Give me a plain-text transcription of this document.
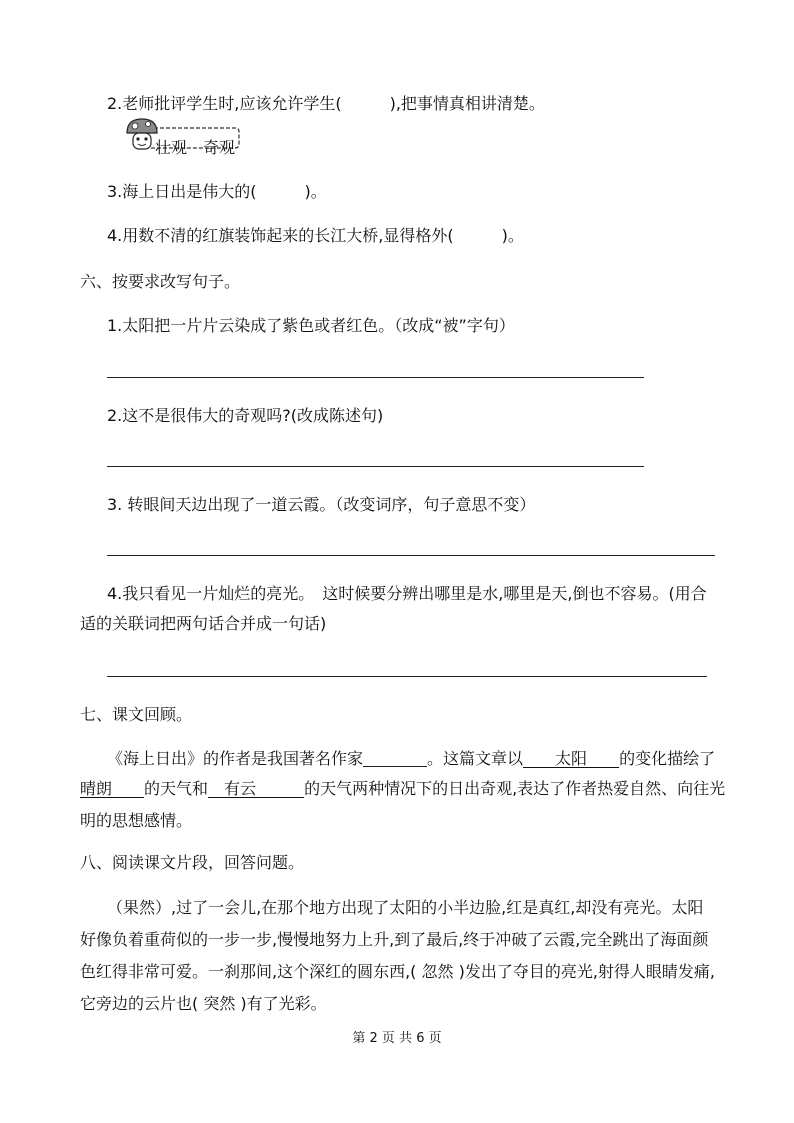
2.老师批评学生时,应该允许学生(　　　),把事情真相讲清楚。
壮观　奇观
3.海上日出是伟大的(　　　)。
4.用数不清的红旗装饰起来的长江大桥,显得格外(　　　)。
六、按要求改写句子。
1.太阳把一片片云染成了紫色或者红色。（改成“被”字句）
2.这不是很伟大的奇观吗?(改成陈述句)
3. 转眼间天边出现了一道云霞。（改变词序，句子意思不变）
4.我只看见一片灿烂的亮光。　这时候要分辨出哪里是水,哪里是天,倒也不容易。(用合
适的关联词把两句话合并成一句话)
七、课文回顾。
《海上日出》的作者是我国著名作家	。这篇文章以　　 太阳　　 的变化描绘了
晴朗　　 的天气和　 有云　　　	的天气两种情况下的日出奇观,表达了作者热爱自然、向往光
明的思想感情。
八、阅读课文片段，回答问题。
（果然）,过了一会儿,在那个地方出现了太阳的小半边脸,红是真红,却没有亮光。太阳
好像负着重荷似的一步一步,慢慢地努力上升,到了最后,终于冲破了云霞,完全跳出了海面颜
色红得非常可爱。一刹那间,这个深红的圆东西,( 忽然 )发出了夺目的亮光,射得人眼睛发痛,
它旁边的云片也( 突然 )有了光彩。
第 2 页 共 6 页
